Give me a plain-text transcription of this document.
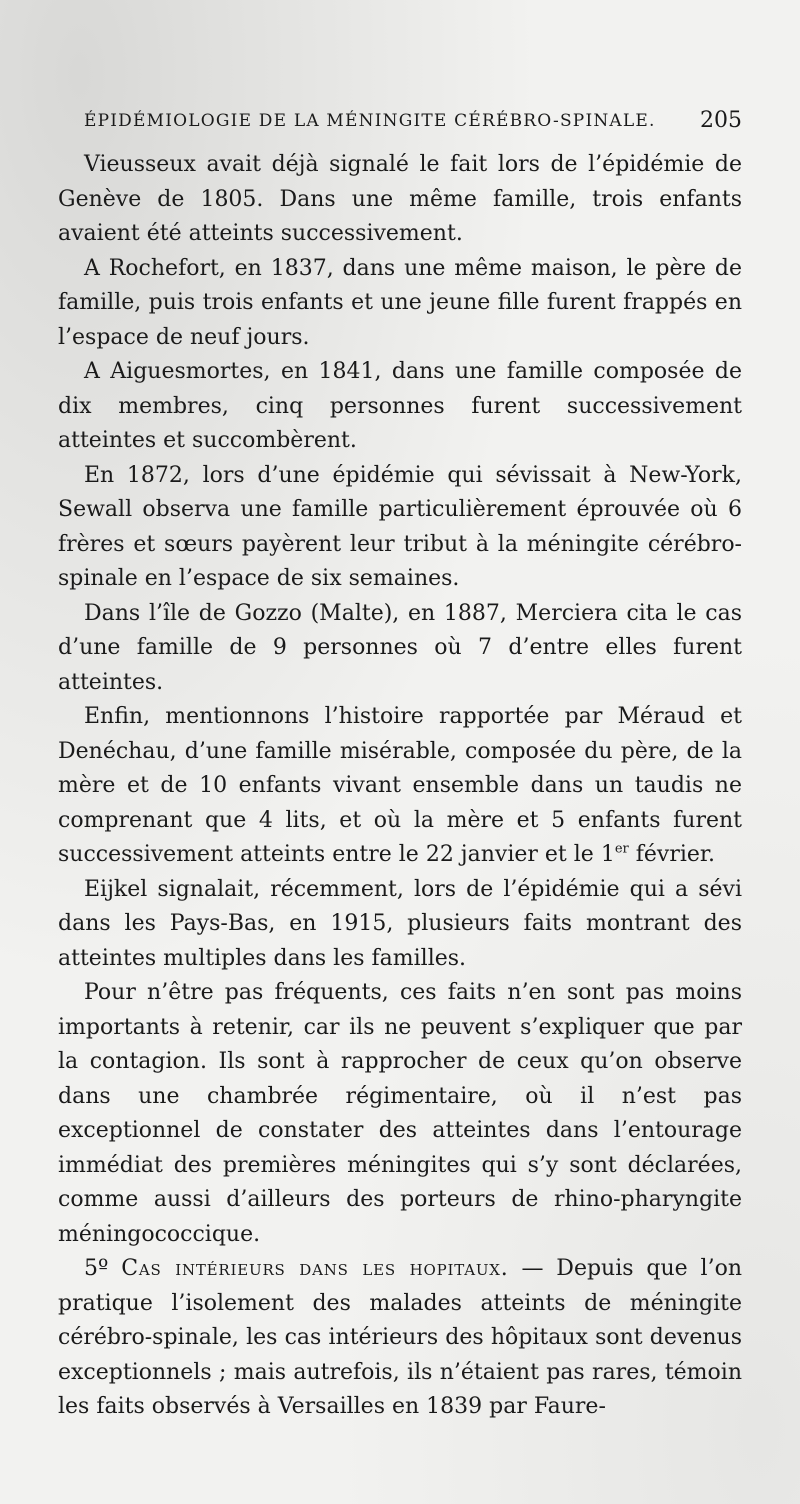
ÉPIDÉMIOLOGIE DE LA MÉNINGITE CÉRÉBRO-SPINALE. 205

Vieusseux avait déjà signalé le fait lors de l’épidémie de Genève de 1805. Dans une même famille, trois enfants avaient été atteints successivement.

A Rochefort, en 1837, dans une même maison, le père de famille, puis trois enfants et une jeune fille furent frappés en l’espace de neuf jours.

A Aiguesmortes, en 1841, dans une famille composée de dix membres, cinq personnes furent successivement atteintes et succombèrent.

En 1872, lors d’une épidémie qui sévissait à New-York, Sewall observa une famille particulièrement éprouvée où 6 frères et sœurs payèrent leur tribut à la méningite cérébro-spinale en l’espace de six semaines.

Dans l’île de Gozzo (Malte), en 1887, Merciera cita le cas d’une famille de 9 personnes où 7 d’entre elles furent atteintes.

Enfin, mentionnons l’histoire rapportée par Méraud et Denéchau, d’une famille misérable, composée du père, de la mère et de 10 enfants vivant ensemble dans un taudis ne comprenant que 4 lits, et où la mère et 5 enfants furent successivement atteints entre le 22 janvier et le 1er février.

Eijkel signalait, récemment, lors de l’épidémie qui a sévi dans les Pays-Bas, en 1915, plusieurs faits montrant des atteintes multiples dans les familles.

Pour n’être pas fréquents, ces faits n’en sont pas moins importants à retenir, car ils ne peuvent s’expliquer que par la contagion. Ils sont à rapprocher de ceux qu’on observe dans une chambrée régimentaire, où il n’est pas exceptionnel de constater des atteintes dans l’entourage immédiat des premières méningites qui s’y sont déclarées, comme aussi d’ailleurs des porteurs de rhino-pharyngite méningococcique.

5º Cas intérieurs dans les hopitaux. — Depuis que l’on pratique l’isolement des malades atteints de méningite cérébro-spinale, les cas intérieurs des hôpitaux sont devenus exceptionnels ; mais autrefois, ils n’étaient pas rares, témoin les faits observés à Versailles en 1839 par Faure-
